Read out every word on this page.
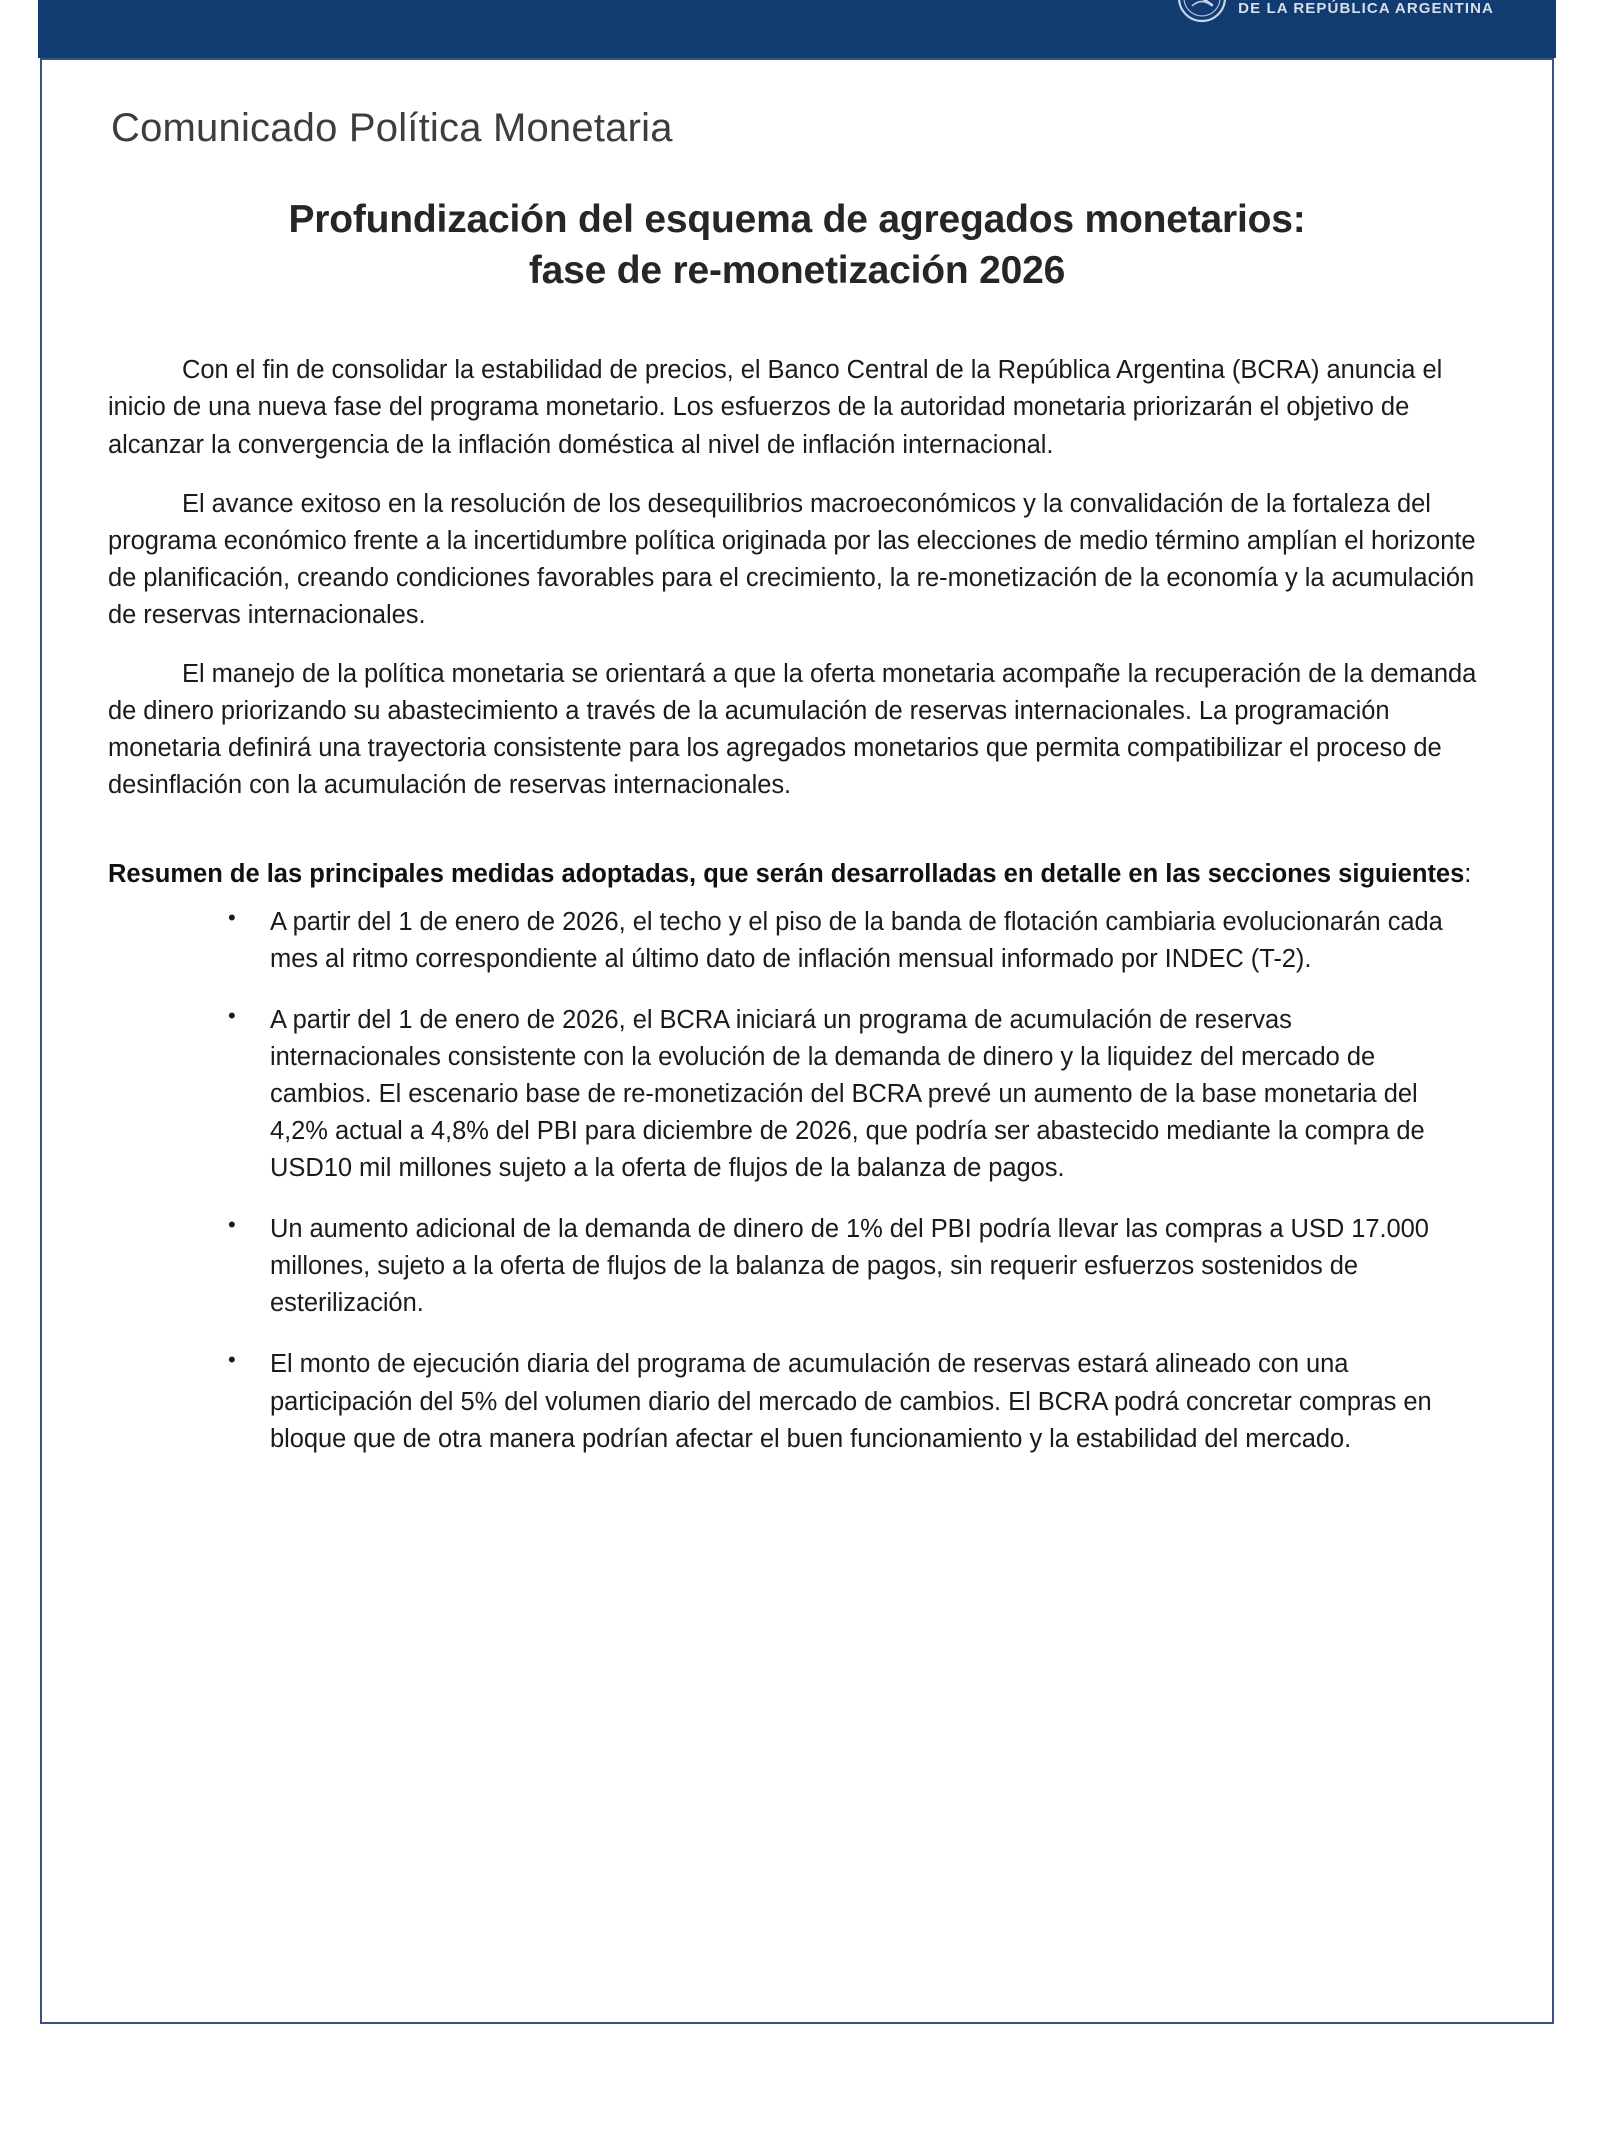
DE LA REPÚBLICA ARGENTINA
Comunicado Política Monetaria
Profundización del esquema de agregados monetarios:
fase de re-monetización 2026

Con el fin de consolidar la estabilidad de precios, el Banco Central de la República Argentina (BCRA) anuncia el inicio de una nueva fase del programa monetario. Los esfuerzos de la autoridad monetaria priorizarán el objetivo de alcanzar la convergencia de la inflación doméstica al nivel de inflación internacional.

El avance exitoso en la resolución de los desequilibrios macroeconómicos y la convalidación de la fortaleza del programa económico frente a la incertidumbre política originada por las elecciones de medio término amplían el horizonte de planificación, creando condiciones favorables para el crecimiento, la re-monetización de la economía y la acumulación de reservas internacionales.

El manejo de la política monetaria se orientará a que la oferta monetaria acompañe la recuperación de la demanda de dinero priorizando su abastecimiento a través de la acumulación de reservas internacionales. La programación monetaria definirá una trayectoria consistente para los agregados monetarios que permita compatibilizar el proceso de desinflación con la acumulación de reservas internacionales.

Resumen de las principales medidas adoptadas, que serán desarrolladas en detalle en las secciones siguientes:

• A partir del 1 de enero de 2026, el techo y el piso de la banda de flotación cambiaria evolucionarán cada mes al ritmo correspondiente al último dato de inflación mensual informado por INDEC (T-2).
• A partir del 1 de enero de 2026, el BCRA iniciará un programa de acumulación de reservas internacionales consistente con la evolución de la demanda de dinero y la liquidez del mercado de cambios. El escenario base de re-monetización del BCRA prevé un aumento de la base monetaria del 4,2% actual a 4,8% del PBI para diciembre de 2026, que podría ser abastecido mediante la compra de USD10 mil millones sujeto a la oferta de flujos de la balanza de pagos.
• Un aumento adicional de la demanda de dinero de 1% del PBI podría llevar las compras a USD 17.000 millones, sujeto a la oferta de flujos de la balanza de pagos, sin requerir esfuerzos sostenidos de esterilización.
• El monto de ejecución diaria del programa de acumulación de reservas estará alineado con una participación del 5% del volumen diario del mercado de cambios. El BCRA podrá concretar compras en bloque que de otra manera podrían afectar el buen funcionamiento y la estabilidad del mercado.
